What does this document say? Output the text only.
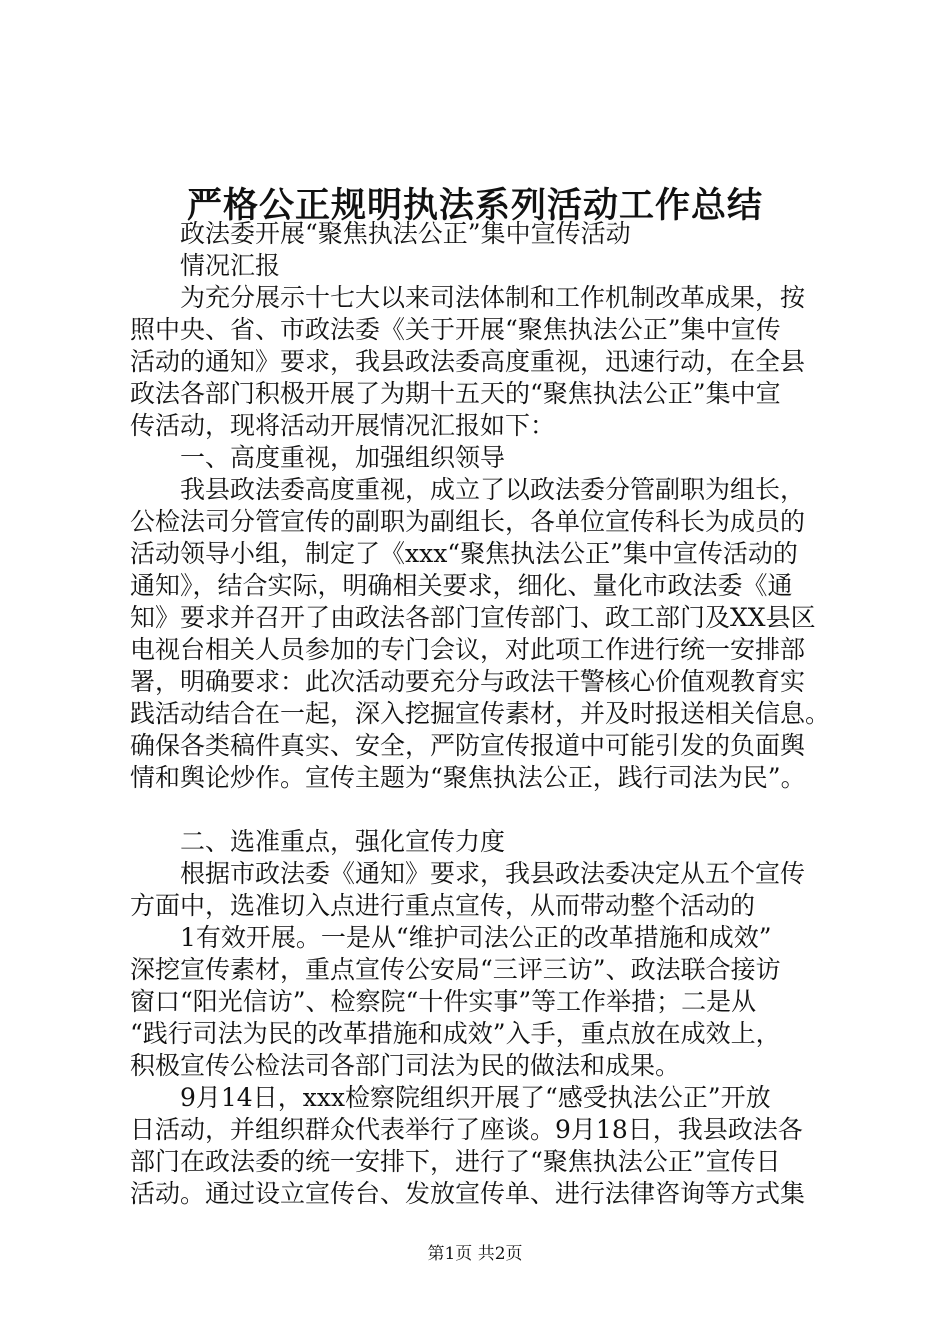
严格公正规明执法系列活动工作总结
政法委开展“聚焦执法公正”集中宣传活动
情况汇报
为充分展示十七大以来司法体制和工作机制改革成果，按
照中央、省、市政法委《关于开展“聚焦执法公正”集中宣传
活动的通知》要求，我县政法委高度重视，迅速行动，在全县
政法各部门积极开展了为期十五天的“聚焦执法公正”集中宣
传活动，现将活动开展情况汇报如下：
一、高度重视，加强组织领导
我县政法委高度重视，成立了以政法委分管副职为组长，
公检法司分管宣传的副职为副组长，各单位宣传科长为成员的
活动领导小组，制定了《xxx“聚焦执法公正”集中宣传活动的
通知》，结合实际，明确相关要求，细化、量化市政法委《通
知》要求并召开了由政法各部门宣传部门、政工部门及XX县区
电视台相关人员参加的专门会议，对此项工作进行统一安排部
署，明确要求：此次活动要充分与政法干警核心价值观教育实
践活动结合在一起，深入挖掘宣传素材，并及时报送相关信息。
确保各类稿件真实、安全，严防宣传报道中可能引发的负面舆
情和舆论炒作。宣传主题为“聚焦执法公正，践行司法为民”。
二、选准重点，强化宣传力度
根据市政法委《通知》要求，我县政法委决定从五个宣传
方面中，选准切入点进行重点宣传，从而带动整个活动的
1有效开展。一是从“维护司法公正的改革措施和成效”
深挖宣传素材，重点宣传公安局“三评三访”、政法联合接访
窗口“阳光信访”、检察院“十件实事”等工作举措；二是从
“践行司法为民的改革措施和成效”入手，重点放在成效上，
积极宣传公检法司各部门司法为民的做法和成果。
9月14日，xxx检察院组织开展了“感受执法公正”开放
日活动，并组织群众代表举行了座谈。9月18日，我县政法各
部门在政法委的统一安排下，进行了“聚焦执法公正”宣传日
活动。通过设立宣传台、发放宣传单、进行法律咨询等方式集
第1页 共2页
